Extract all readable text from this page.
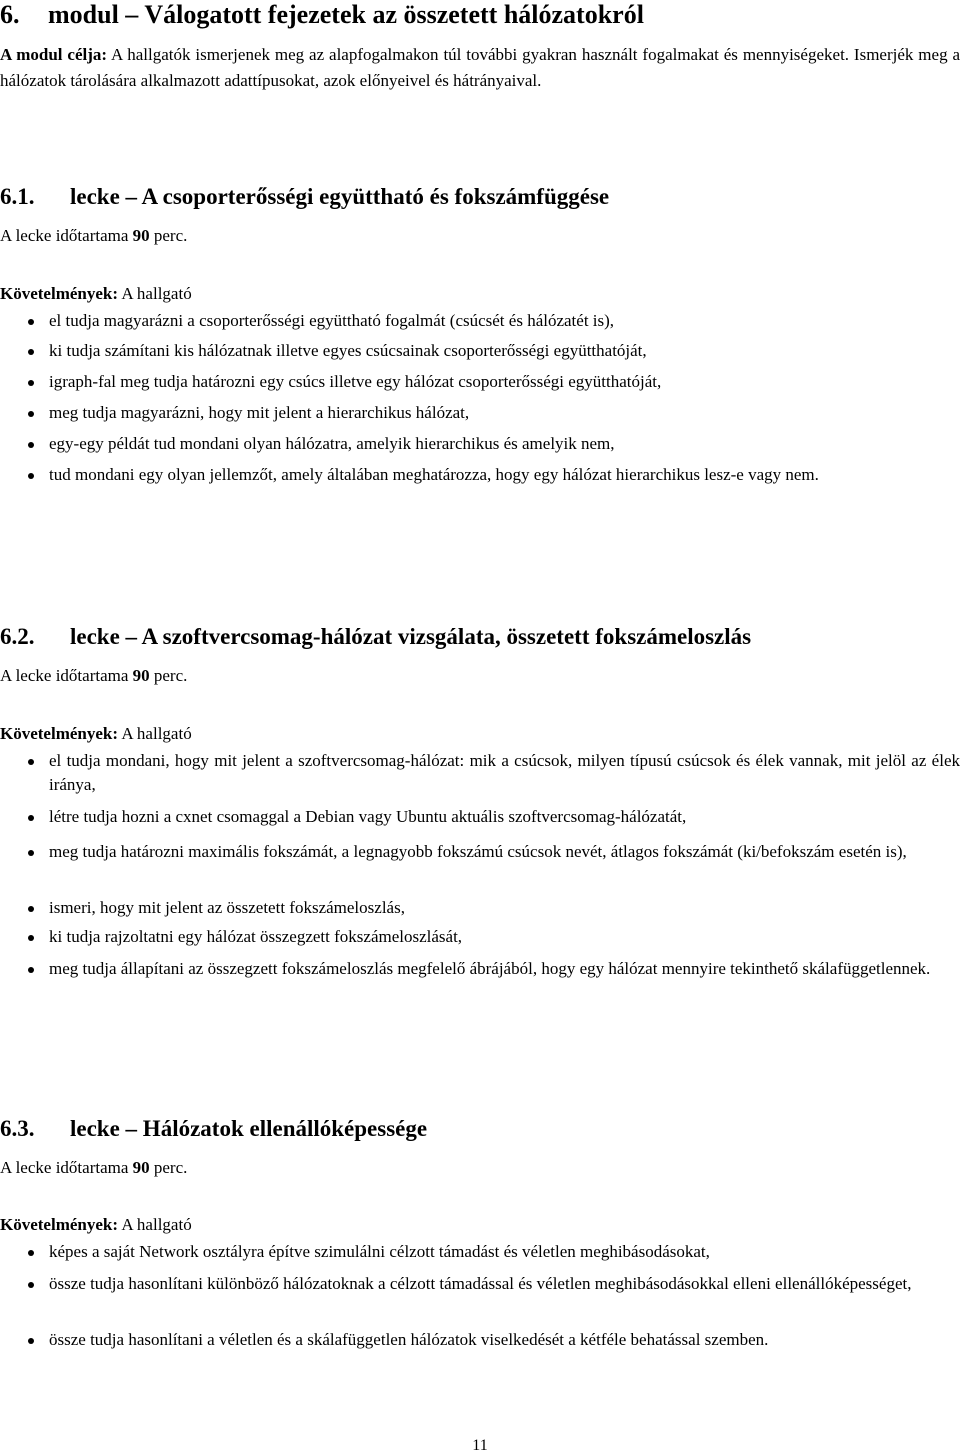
6. modul – Válogatott fejezetek az összetett hálózatokról
A modul célja: A hallgatók ismerjenek meg az alapfogalmakon túl további gyakran használt fogalmakat és mennyiségeket. Ismerjék meg a hálózatok tárolására alkalmazott adattípusokat, azok előnyeivel és hátrányaival.
6.1. lecke – A csoporterősségi együttható és fokszámfüggése
A lecke időtartama 90 perc.
Követelmények: A hallgató
el tudja magyarázni a csoporterősségi együttható fogalmát (csúcsét és hálózatét is),
ki tudja számítani kis hálózatnak illetve egyes csúcsainak csoporterősségi együtthatóját,
igraph-fal meg tudja határozni egy csúcs illetve egy hálózat csoporterősségi együtthatóját,
meg tudja magyarázni, hogy mit jelent a hierarchikus hálózat,
egy-egy példát tud mondani olyan hálózatra, amelyik hierarchikus és amelyik nem,
tud mondani egy olyan jellemzőt, amely általában meghatározza, hogy egy hálózat hierarchikus lesz-e vagy nem.
6.2. lecke – A szoftvercsomag-hálózat vizsgálata, összetett fokszámeloszlás
A lecke időtartama 90 perc.
Követelmények: A hallgató
el tudja mondani, hogy mit jelent a szoftvercsomag-hálózat: mik a csúcsok, milyen típusú csúcsok és élek vannak, mit jelöl az élek iránya,
létre tudja hozni a cxnet csomaggal a Debian vagy Ubuntu aktuális szoftvercsomag-hálózatát,
meg tudja határozni maximális fokszámát, a legnagyobb fokszámú csúcsok nevét, átlagos fokszámát (ki/befokszám esetén is),
ismeri, hogy mit jelent az összetett fokszámeloszlás,
ki tudja rajzoltatni egy hálózat összegzett fokszámeloszlását,
meg tudja állapítani az összegzett fokszámeloszlás megfelelő ábrájából, hogy egy hálózat mennyire tekinthető skálafüggetlennek.
6.3. lecke – Hálózatok ellenállóképessége
A lecke időtartama 90 perc.
Követelmények: A hallgató
képes a saját Network osztályra építve szimulálni célzott támadást és véletlen meghibásodásokat,
össze tudja hasonlítani különböző hálózatoknak a célzott támadással és véletlen meghibásodásokkal elleni ellenállóképességet,
össze tudja hasonlítani a véletlen és a skálafüggetlen hálózatok viselkedését a kétféle behatással szemben.
11
